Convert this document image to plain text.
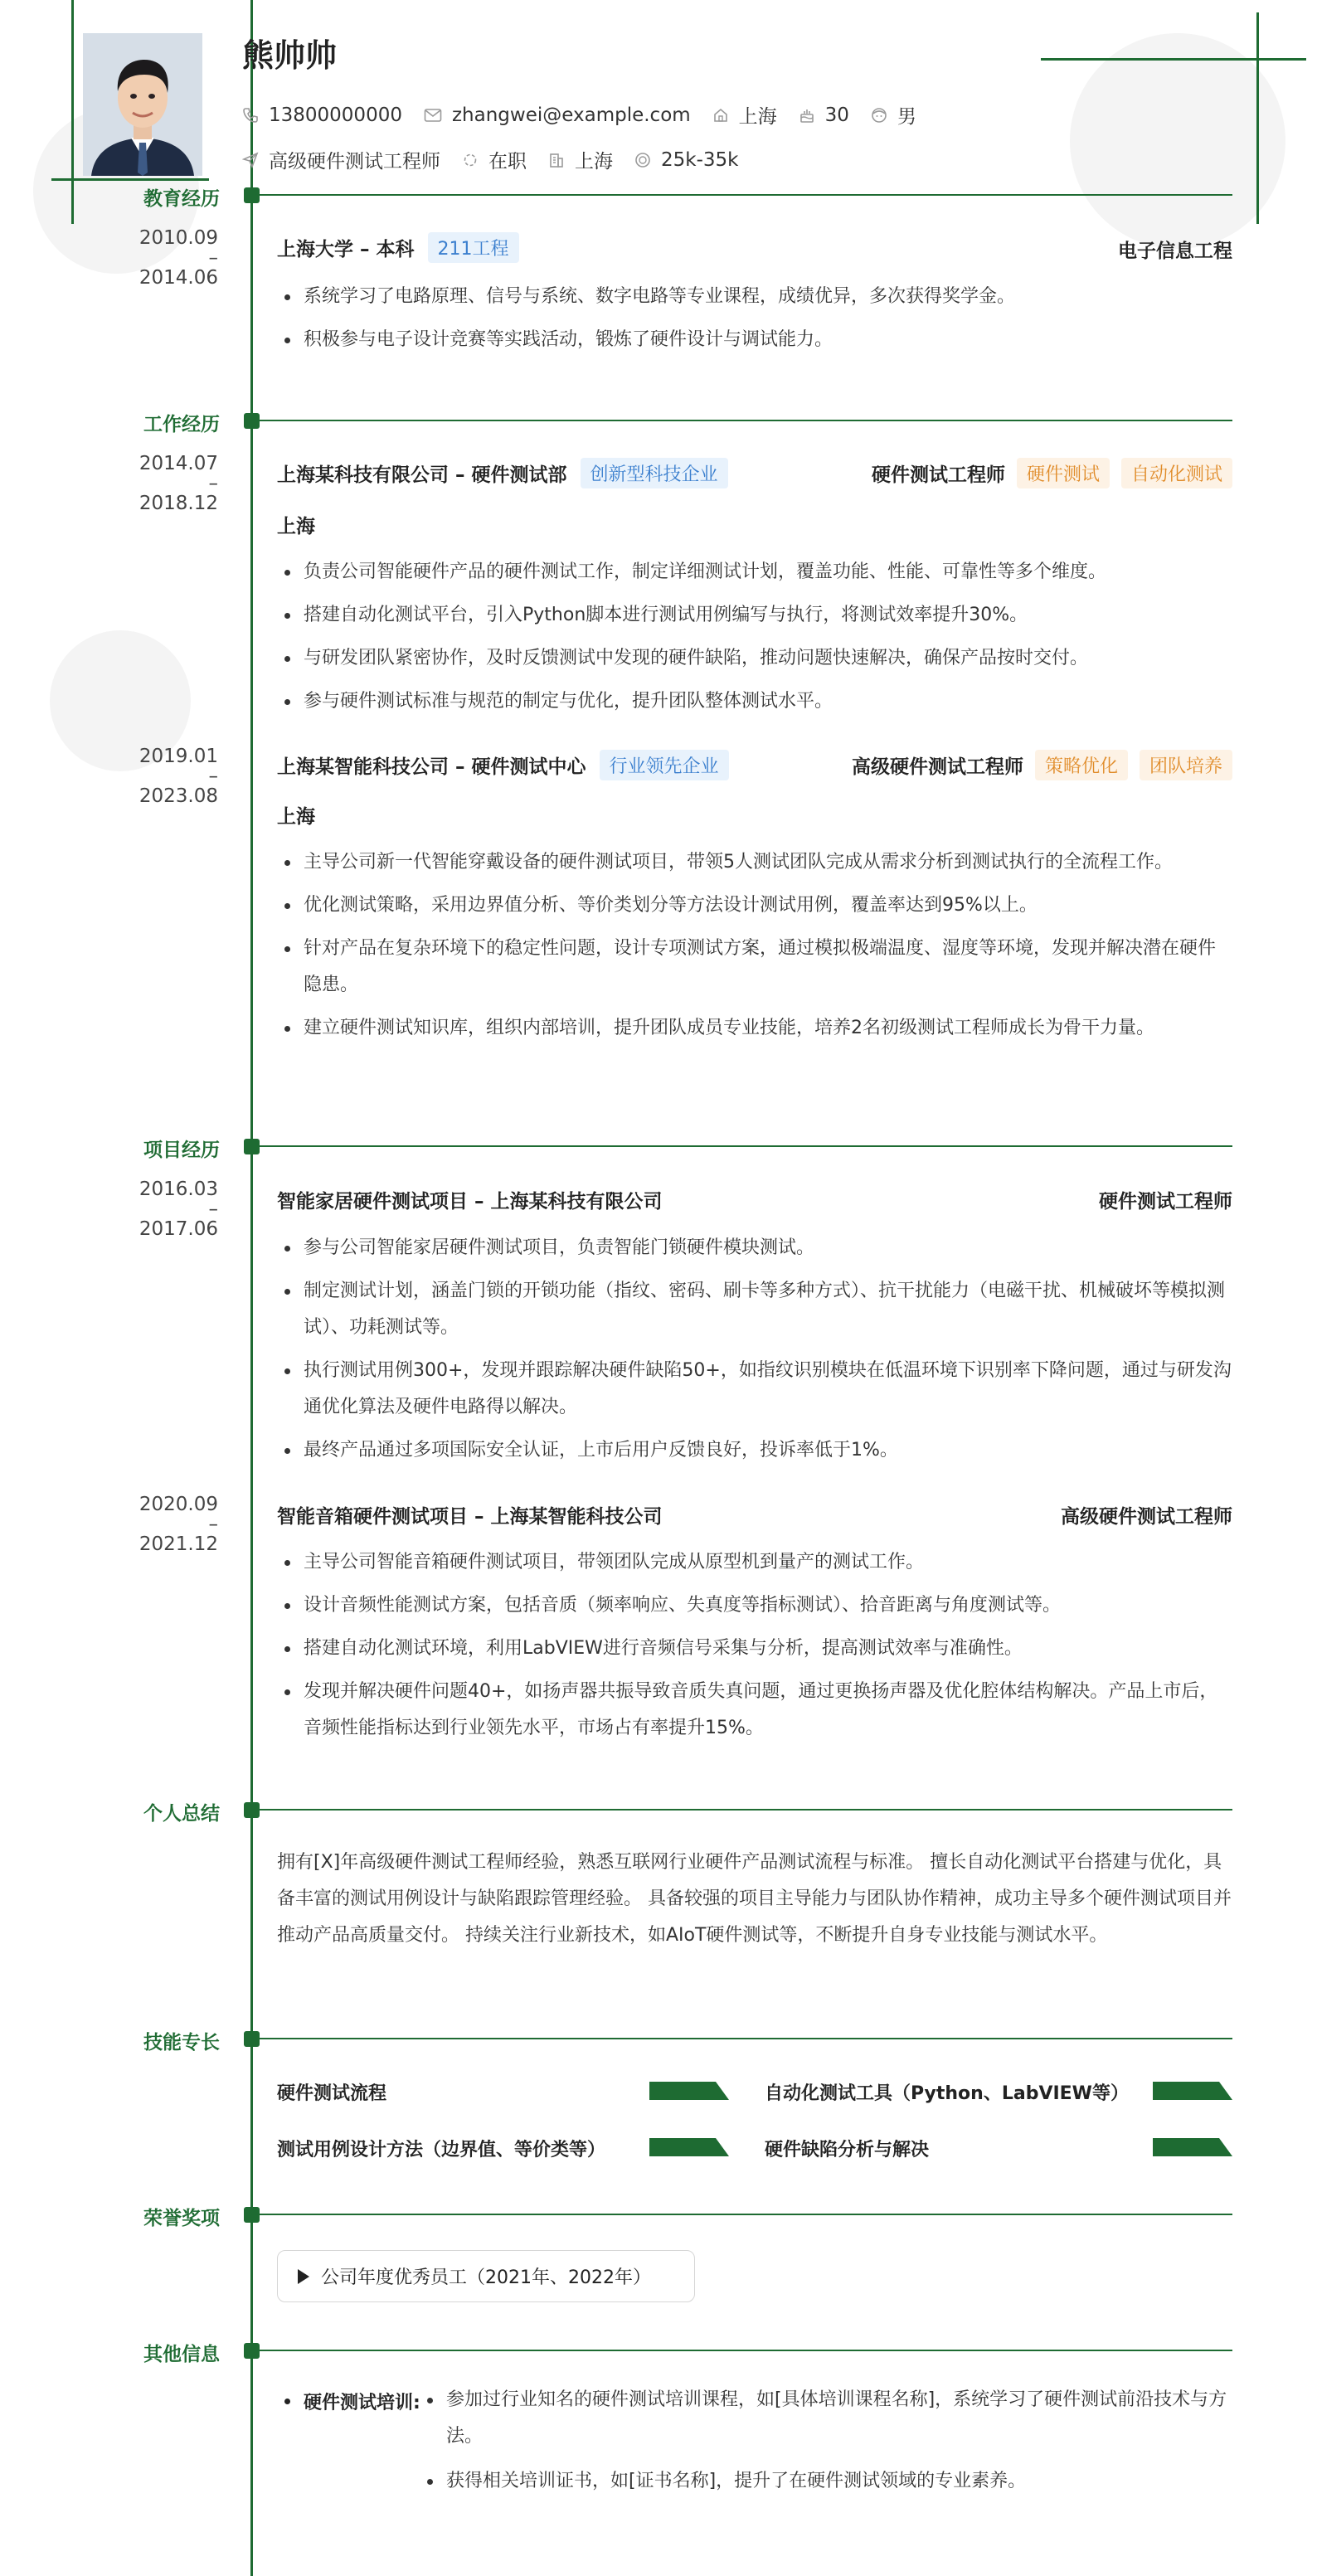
熊帅帅
13800000000	zhangwei@example.com	上海	30	男
高级硬件测试工程师	在职	上海	25k-35k
教育经历
2010.09
–
2014.06
上海大学 – 本科	211工程	电子信息工程
系统学习了电路原理、信号与系统、数字电路等专业课程，成绩优异，多次获得奖学金。
积极参与电子设计竞赛等实践活动，锻炼了硬件设计与调试能力。
工作经历
2014.07
–
2018.12
上海某科技有限公司 – 硬件测试部	创新型科技企业	硬件测试工程师	硬件测试	自动化测试
上海
负责公司智能硬件产品的硬件测试工作，制定详细测试计划，覆盖功能、性能、可靠性等多个维度。
搭建自动化测试平台，引入Python脚本进行测试用例编写与执行，将测试效率提升30%。
与研发团队紧密协作，及时反馈测试中发现的硬件缺陷，推动问题快速解决，确保产品按时交付。
参与硬件测试标准与规范的制定与优化，提升团队整体测试水平。
2019.01
–
2023.08
上海某智能科技公司 – 硬件测试中心	行业领先企业	高级硬件测试工程师	策略优化	团队培养
上海
主导公司新一代智能穿戴设备的硬件测试项目，带领5人测试团队完成从需求分析到测试执行的全流程工作。
优化测试策略，采用边界值分析、等价类划分等方法设计测试用例，覆盖率达到95%以上。
针对产品在复杂环境下的稳定性问题，设计专项测试方案，通过模拟极端温度、湿度等环境，发现并解决潜在硬件隐患。
建立硬件测试知识库，组织内部培训，提升团队成员专业技能，培养2名初级测试工程师成长为骨干力量。
项目经历
2016.03
–
2017.06
智能家居硬件测试项目 – 上海某科技有限公司	硬件测试工程师
参与公司智能家居硬件测试项目，负责智能门锁硬件模块测试。
制定测试计划，涵盖门锁的开锁功能（指纹、密码、刷卡等多种方式）、抗干扰能力（电磁干扰、机械破坏等模拟测试）、功耗测试等。
执行测试用例300+，发现并跟踪解决硬件缺陷50+，如指纹识别模块在低温环境下识别率下降问题，通过与研发沟通优化算法及硬件电路得以解决。
最终产品通过多项国际安全认证，上市后用户反馈良好，投诉率低于1%。
2020.09
–
2021.12
智能音箱硬件测试项目 – 上海某智能科技公司	高级硬件测试工程师
主导公司智能音箱硬件测试项目，带领团队完成从原型机到量产的测试工作。
设计音频性能测试方案，包括音质（频率响应、失真度等指标测试）、拾音距离与角度测试等。
搭建自动化测试环境，利用LabVIEW进行音频信号采集与分析，提高测试效率与准确性。
发现并解决硬件问题40+，如扬声器共振导致音质失真问题，通过更换扬声器及优化腔体结构解决。产品上市后，音频性能指标达到行业领先水平，市场占有率提升15%。
个人总结
拥有[X]年高级硬件测试工程师经验，熟悉互联网行业硬件产品测试流程与标准。 擅长自动化测试平台搭建与优化，具备丰富的测试用例设计与缺陷跟踪管理经验。 具备较强的项目主导能力与团队协作精神，成功主导多个硬件测试项目并推动产品高质量交付。 持续关注行业新技术，如AIoT硬件测试等，不断提升自身专业技能与测试水平。
技能专长
硬件测试流程	自动化测试工具（Python、LabVIEW等）
测试用例设计方法（边界值、等价类等）	硬件缺陷分析与解决
荣誉奖项
公司年度优秀员工（2021年、2022年）
其他信息
硬件测试培训:	参加过行业知名的硬件测试培训课程，如[具体培训课程名称]，系统学习了硬件测试前沿技术与方法。
获得相关培训证书，如[证书名称]，提升了在硬件测试领域的专业素养。
